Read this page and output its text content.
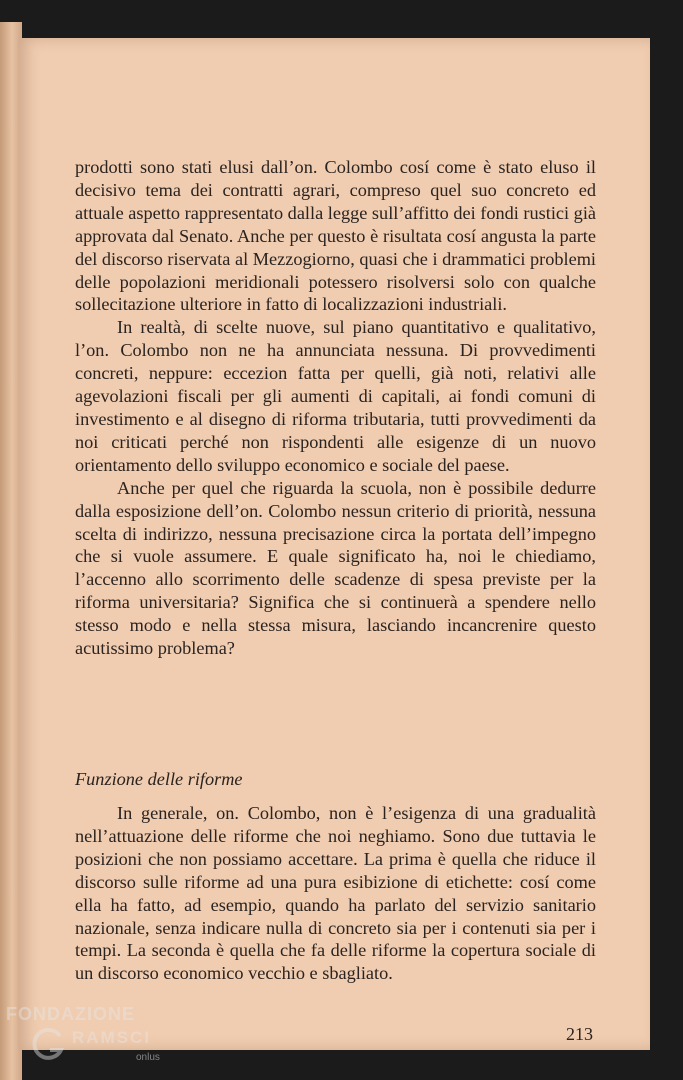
prodotti sono stati elusi dall’on. Colombo cosí come è stato eluso il decisivo tema dei contratti agrari, compreso quel suo concreto ed attuale aspetto rappresentato dalla legge sull’affitto dei fondi rustici già approvata dal Senato. Anche per questo è risultata cosí angusta la parte del discorso riservata al Mezzogiorno, quasi che i drammatici problemi delle popolazioni meridionali potessero risolversi solo con qualche sollecitazione ulteriore in fatto di localizzazioni industriali.

In realtà, di scelte nuove, sul piano quantitativo e qualitativo, l’on. Colombo non ne ha annunciata nessuna. Di provvedimenti concreti, neppure: eccezion fatta per quelli, già noti, relativi alle agevolazioni fiscali per gli aumenti di capitali, ai fondi comuni di investimento e al disegno di riforma tributaria, tutti provvedimenti da noi criticati perché non rispondenti alle esigenze di un nuovo orientamento dello sviluppo economico e sociale del paese.

Anche per quel che riguarda la scuola, non è possibile dedurre dalla esposizione dell’on. Colombo nessun criterio di priorità, nessuna scelta di indirizzo, nessuna precisazione circa la portata dell’impegno che si vuole assumere. E quale significato ha, noi le chiediamo, l’accenno allo scorrimento delle scadenze di spesa previste per la riforma universitaria? Significa che si continuerà a spendere nello stesso modo e nella stessa misura, lasciando incancrenire questo acutissimo problema?

Funzione delle riforme

In generale, on. Colombo, non è l’esigenza di una gradualità nell’attuazione delle riforme che noi neghiamo. Sono due tuttavia le posizioni che non possiamo accettare. La prima è quella che riduce il discorso sulle riforme ad una pura esibizione di etichette: cosí come ella ha fatto, ad esempio, quando ha parlato del servizio sanitario nazionale, senza indicare nulla di concreto sia per i contenuti sia per i tempi. La seconda è quella che fa delle riforme la copertura sociale di un discorso economico vecchio e sbagliato.

213
FONDAZIONE
RAMSCI
onlus
